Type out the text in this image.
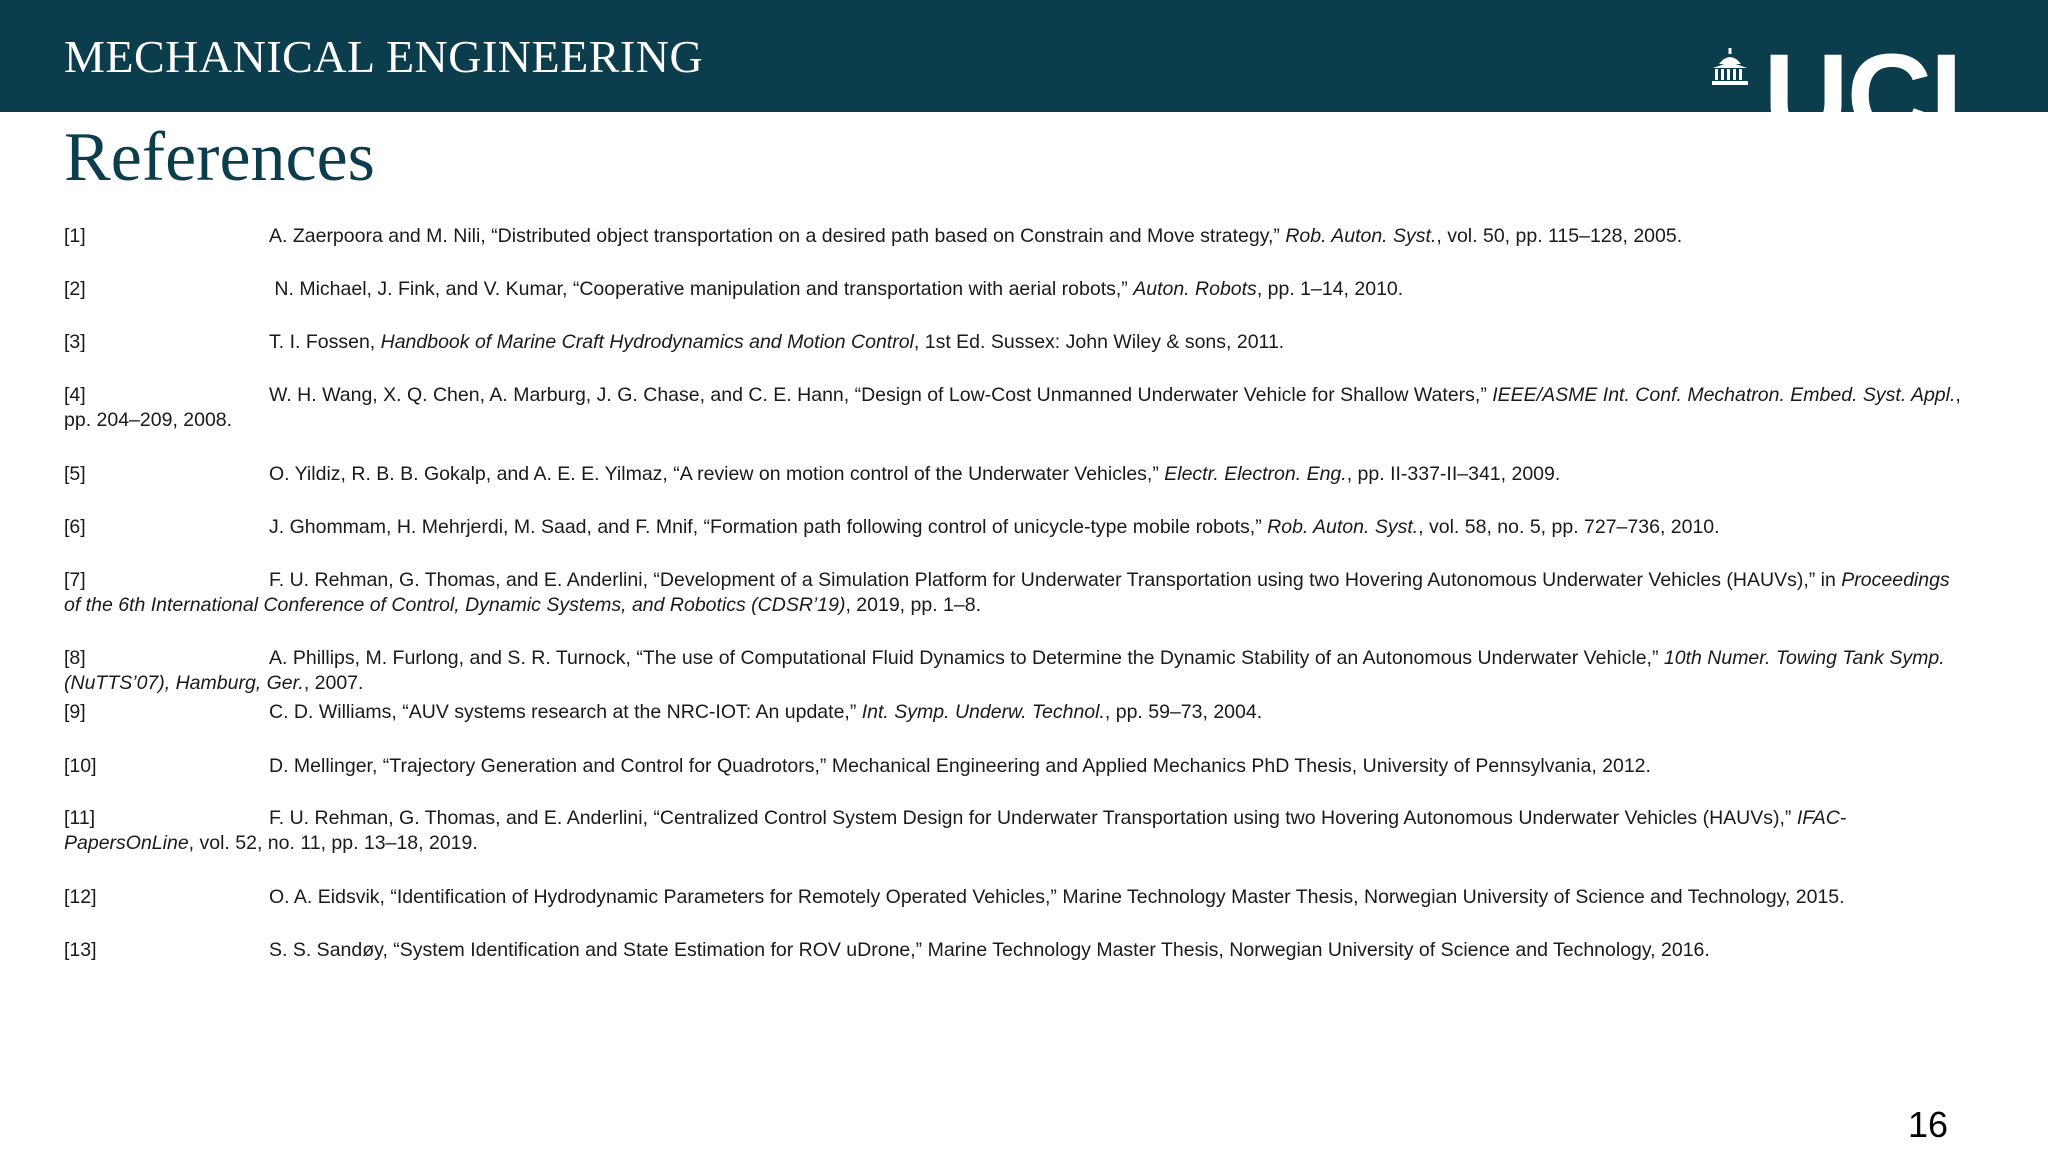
MECHANICAL ENGINEERING	UCL
References

[1]	A. Zaerpoora and M. Nili, “Distributed object transportation on a desired path based on Constrain and Move strategy,” Rob. Auton. Syst., vol. 50, pp. 115–128, 2005.

[2]	N. Michael, J. Fink, and V. Kumar, “Cooperative manipulation and transportation with aerial robots,” Auton. Robots, pp. 1–14, 2010.

[3]	T. I. Fossen, Handbook of Marine Craft Hydrodynamics and Motion Control, 1st Ed. Sussex: John Wiley & sons, 2011.

[4]	W. H. Wang, X. Q. Chen, A. Marburg, J. G. Chase, and C. E. Hann, “Design of Low-Cost Unmanned Underwater Vehicle for Shallow Waters,” IEEE/ASME Int. Conf. Mechatron. Embed. Syst. Appl., pp. 204–209, 2008.

[5]	O. Yildiz, R. B. B. Gokalp, and A. E. E. Yilmaz, “A review on motion control of the Underwater Vehicles,” Electr. Electron. Eng., pp. II-337-II–341, 2009.

[6]	J. Ghommam, H. Mehrjerdi, M. Saad, and F. Mnif, “Formation path following control of unicycle-type mobile robots,” Rob. Auton. Syst., vol. 58, no. 5, pp. 727–736, 2010.

[7]	F. U. Rehman, G. Thomas, and E. Anderlini, “Development of a Simulation Platform for Underwater Transportation using two Hovering Autonomous Underwater Vehicles (HAUVs),” in Proceedings of the 6th International Conference of Control, Dynamic Systems, and Robotics (CDSR’19), 2019, pp. 1–8.

[8]	A. Phillips, M. Furlong, and S. R. Turnock, “The use of Computational Fluid Dynamics to Determine the Dynamic Stability of an Autonomous Underwater Vehicle,” 10th Numer. Towing Tank Symp. (NuTTS’07), Hamburg, Ger., 2007.

[9]	C. D. Williams, “AUV systems research at the NRC-IOT: An update,” Int. Symp. Underw. Technol., pp. 59–73, 2004.

[10]	D. Mellinger, “Trajectory Generation and Control for Quadrotors,” Mechanical Engineering and Applied Mechanics PhD Thesis, University of Pennsylvania, 2012.

[11]	F. U. Rehman, G. Thomas, and E. Anderlini, “Centralized Control System Design for Underwater Transportation using two Hovering Autonomous Underwater Vehicles (HAUVs),” IFAC-PapersOnLine, vol. 52, no. 11, pp. 13–18, 2019.

[12]	O. A. Eidsvik, “Identification of Hydrodynamic Parameters for Remotely Operated Vehicles,” Marine Technology Master Thesis, Norwegian University of Science and Technology, 2015.

[13]	S. S. Sandøy, “System Identification and State Estimation for ROV uDrone,” Marine Technology Master Thesis, Norwegian University of Science and Technology, 2016.

16
